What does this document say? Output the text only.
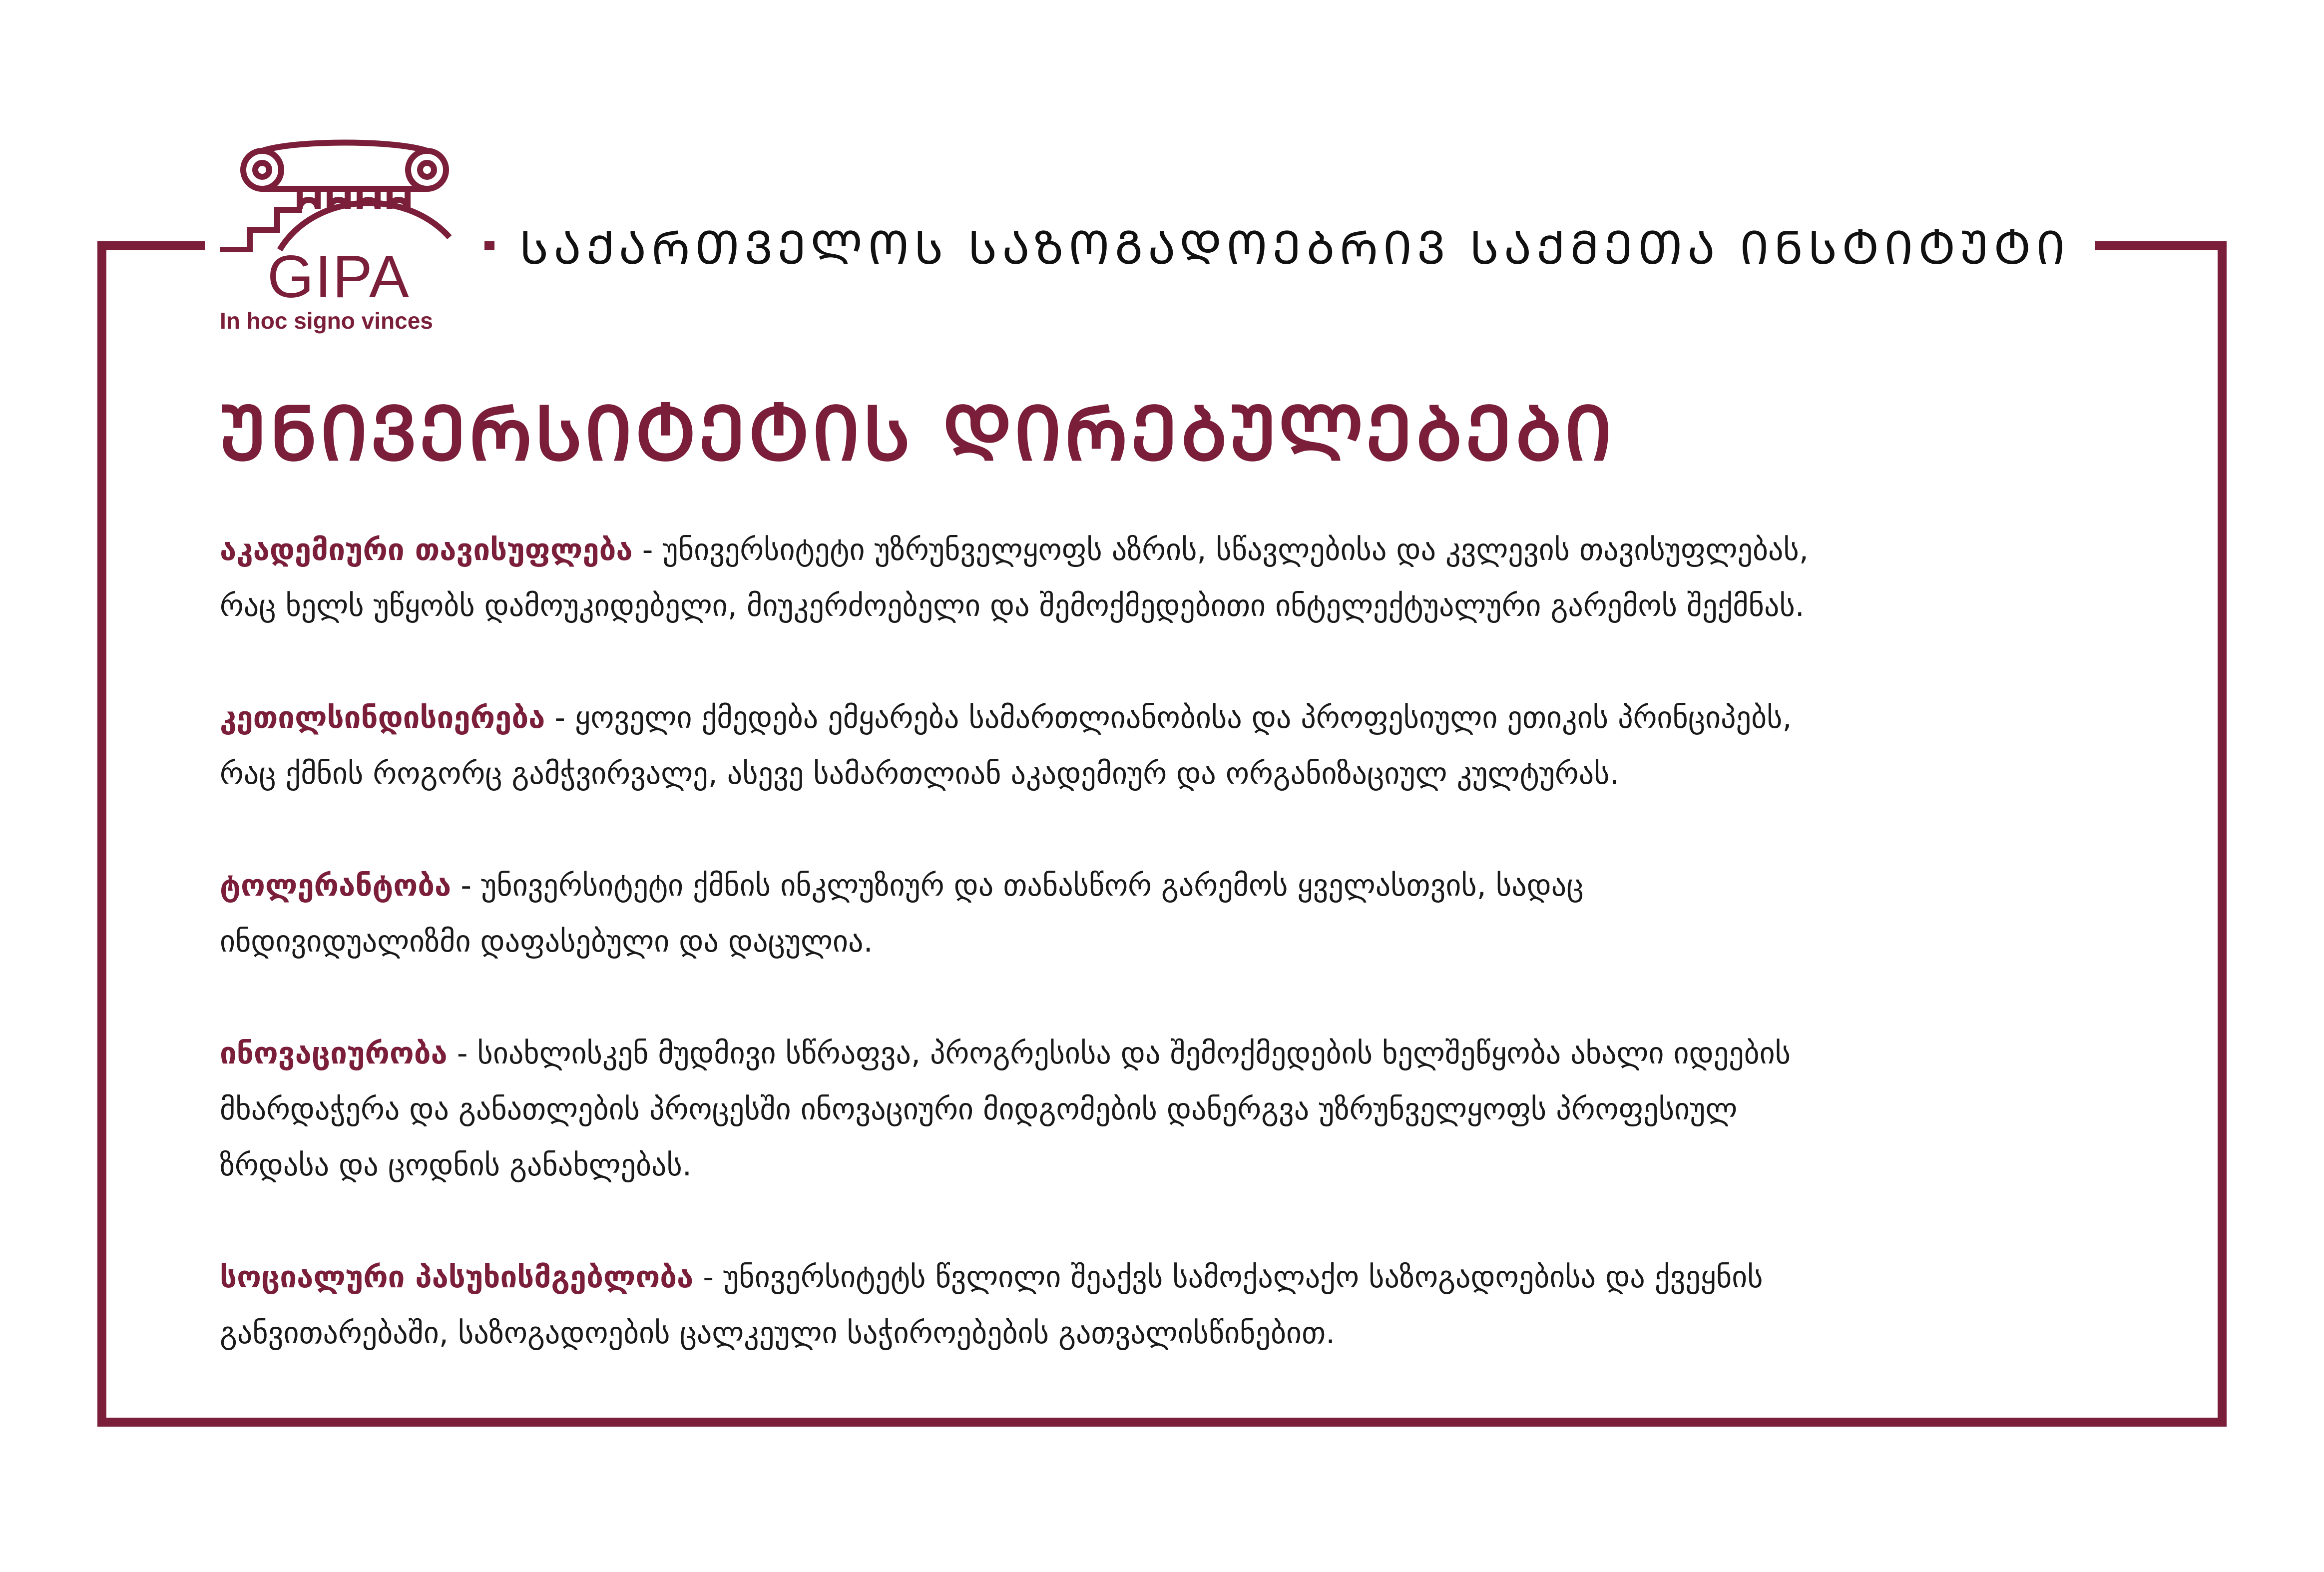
GIPA
In hoc signo vinces
ᲡᲐᲥᲐᲠᲗᲕᲔᲚᲝᲡ ᲡᲐᲖᲝᲒᲐᲓᲝᲔᲑᲠᲘᲕ ᲡᲐᲥᲛᲔᲗᲐ ᲘᲜᲡᲢᲘᲢᲣᲢᲘ
ᲣᲜᲘᲕᲔᲠᲡᲘᲢᲔᲢᲘᲡ ᲓᲘᲠᲔᲑᲣᲚᲔᲑᲔᲑᲘ

აკადემიური თავისუფლება - უნივერსიტეტი უზრუნველყოფს აზრის, სწავლებისა და კვლევის თავისუფლებას,
რაც ხელს უწყობს დამოუკიდებელი, მიუკერძოებელი და შემოქმედებითი ინტელექტუალური გარემოს შექმნას.

კეთილსინდისიერება - ყოველი ქმედება ემყარება სამართლიანობისა და პროფესიული ეთიკის პრინციპებს,
რაც ქმნის როგორც გამჭვირვალე, ასევე სამართლიან აკადემიურ და ორგანიზაციულ კულტურას.

ტოლერანტობა - უნივერსიტეტი ქმნის ინკლუზიურ და თანასწორ გარემოს ყველასთვის, სადაც
ინდივიდუალიზმი დაფასებული და დაცულია.

ინოვაციურობა - სიახლისკენ მუდმივი სწრაფვა, პროგრესისა და შემოქმედების ხელშეწყობა ახალი იდეების
მხარდაჭერა და განათლების პროცესში ინოვაციური მიდგომების დანერგვა უზრუნველყოფს პროფესიულ
ზრდასა და ცოდნის განახლებას.

სოციალური პასუხისმგებლობა - უნივერსიტეტს წვლილი შეაქვს სამოქალაქო საზოგადოებისა და ქვეყნის
განვითარებაში, საზოგადოების ცალკეული საჭიროებების გათვალისწინებით.
